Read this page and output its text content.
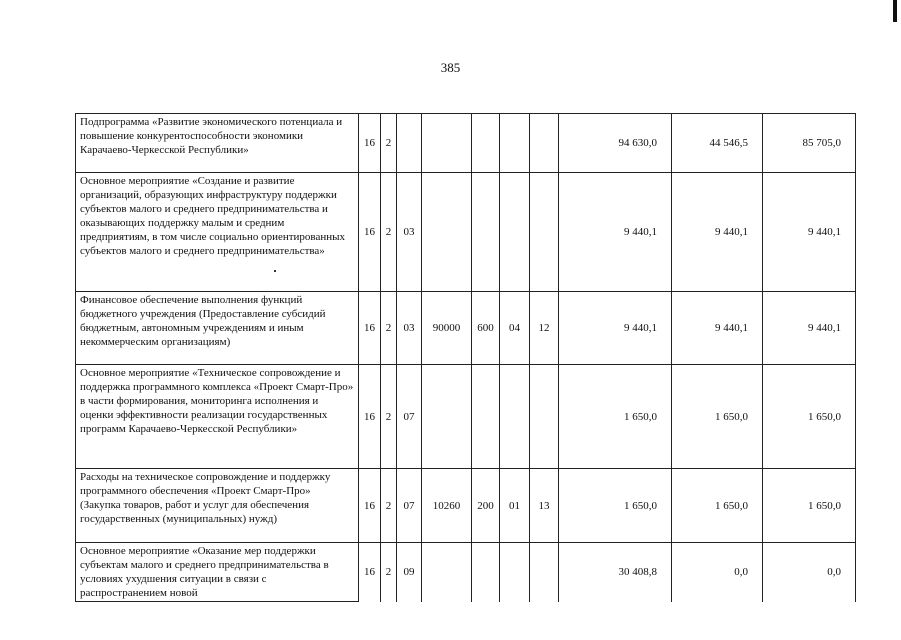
385
Подпрограмма «Развитие экономического потенциала и повышение конкурентоспособности экономики Карачаево-Черкесской Республики»	16	2						94 630,0	44 546,5	85 705,0
Основное мероприятие «Создание и развитие организаций, образующих инфраструктуру поддержки субъектов малого и среднего предпринимательства и оказывающих поддержку малым и средним предприятиям, в том числе социально ориентированных субъектов малого и среднего предпринимательства»	16	2	03					9 440,1	9 440,1	9 440,1
Финансовое обеспечение выполнения функций бюджетного учреждения (Предоставление субсидий бюджетным, автономным учреждениям и иным некоммерческим организациям)	16	2	03	90000	600	04	12	9 440,1	9 440,1	9 440,1
Основное мероприятие «Техническое сопровождение и поддержка программного комплекса «Проект Смарт-Про» в части формирования, мониторинга исполнения и оценки эффективности реализации государственных программ Карачаево-Черкесской Республики»	16	2	07					1 650,0	1 650,0	1 650,0
Расходы на техническое сопровождение и поддержку программного обеспечения «Проект Смарт-Про» (Закупка товаров, работ и услуг для обеспечения государственных (муниципальных) нужд)	16	2	07	10260	200	01	13	1 650,0	1 650,0	1 650,0
Основное мероприятие «Оказание мер поддержки субъектам малого и среднего предпринимательства в условиях ухудшения ситуации в связи с распространением новой	16	2	09					30 408,8	0,0	0,0
